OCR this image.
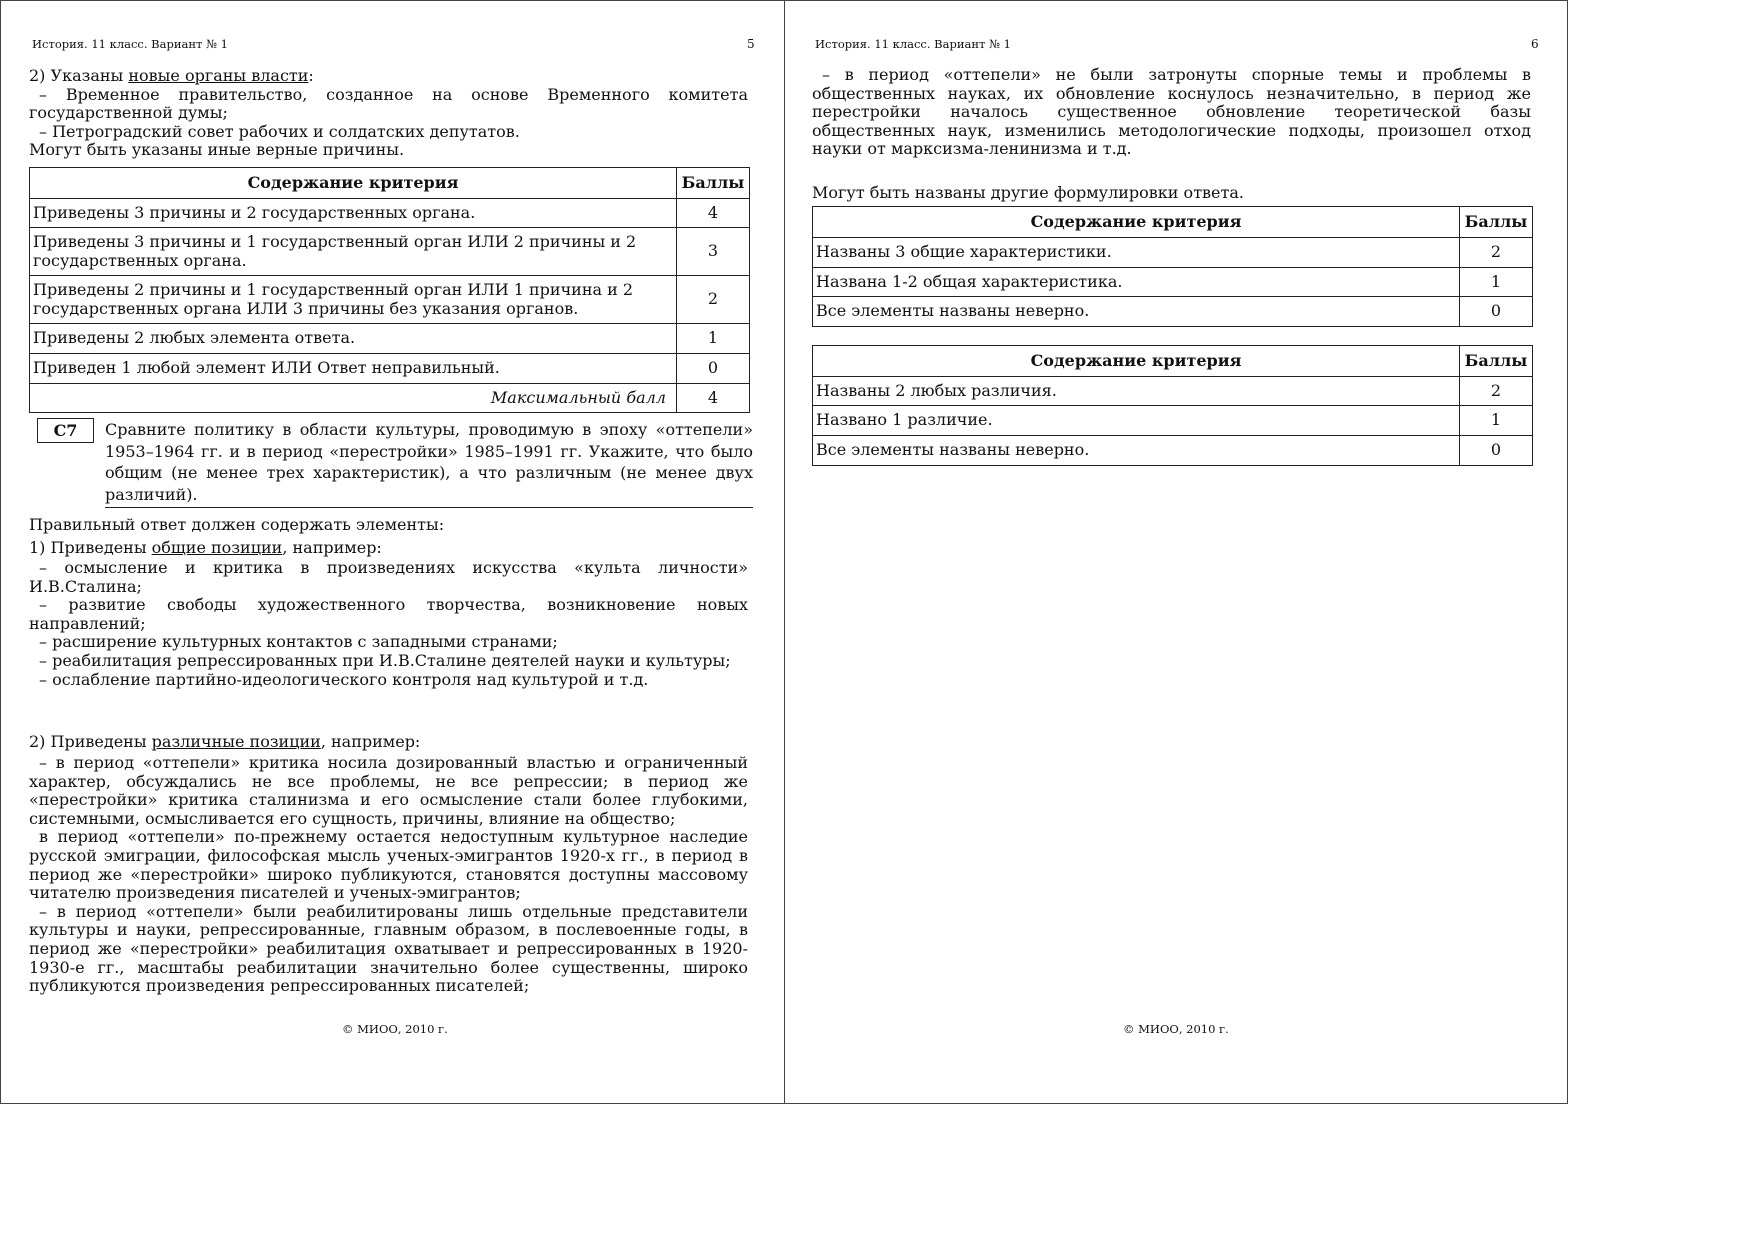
История. 11 класс. Вариант № 1	5

2) Указаны новые органы власти:

– Временное правительство, созданное на основе Временного комитета государственной думы;

– Петроградский совет рабочих и солдатских депутатов.

Могут быть указаны иные верные причины.

Содержание критерия	Баллы
Приведены 3 причины и 2 государственных органа.	4
Приведены 3 причины и 1 государственный орган ИЛИ 2 причины и 2 государственных органа.	3
Приведены 2 причины и 1 государственный орган ИЛИ 1 причина и 2 государственных органа ИЛИ 3 причины без указания органов.	2
Приведены 2 любых элемента ответа.	1
Приведен 1 любой элемент ИЛИ Ответ неправильный.	0
Максимальный балл	4
С7	Сравните политику в области культуры, проводимую в эпоху «оттепели» 1953–1964 гг. и в период «перестройки» 1985–1991 гг. Укажите, что было общим (не менее трех характеристик), а что различным (не менее двух различий).

Правильный ответ должен содержать элементы:

1) Приведены общие позиции, например:

– осмысление и критика в произведениях искусства «культа личности» И.В.Сталина;

– развитие свободы художественного творчества, возникновение новых направлений;

– расширение культурных контактов с западными странами;

– реабилитация репрессированных при И.В.Сталине деятелей науки и культуры;

– ослабление партийно-идеологического контроля над культурой и т.д.

2) Приведены различные позиции, например:

– в период «оттепели» критика носила дозированный властью и ограниченный характер, обсуждались не все проблемы, не все репрессии; в период же «перестройки» критика сталинизма и его осмысление стали более глубокими, системными, осмысливается его сущность, причины, влияние на общество;

в период «оттепели» по-прежнему остается недоступным культурное наследие русской эмиграции, философская мысль ученых-эмигрантов 1920-х гг., в период в период же «перестройки» широко публикуются, становятся доступны массовому читателю произведения писателей и ученых-эмигрантов;

– в период «оттепели» были реабилитированы лишь отдельные представители культуры и науки, репрессированные, главным образом, в послевоенные годы, в период же «перестройки» реабилитация охватывает и репрессированных в 1920-1930-е гг., масштабы реабилитации значительно более существенны, широко публикуются произведения репрессированных писателей;

© МИОО, 2010 г.
История. 11 класс. Вариант № 1	6

– в период «оттепели» не были затронуты спорные темы и проблемы в общественных науках, их обновление коснулось незначительно, в период же перестройки началось существенное обновление теоретической базы общественных наук, изменились методологические подходы, произошел отход науки от марксизма-ленинизма и т.д.

Могут быть названы другие формулировки ответа.

Содержание критерия	Баллы
Названы 3 общие характеристики.	2
Названа 1-2 общая характеристика.	1
Все элементы названы неверно.	0
Содержание критерия	Баллы
Названы 2 любых различия.	2
Названо 1 различие.	1
Все элементы названы неверно.	0
© МИОО, 2010 г.
